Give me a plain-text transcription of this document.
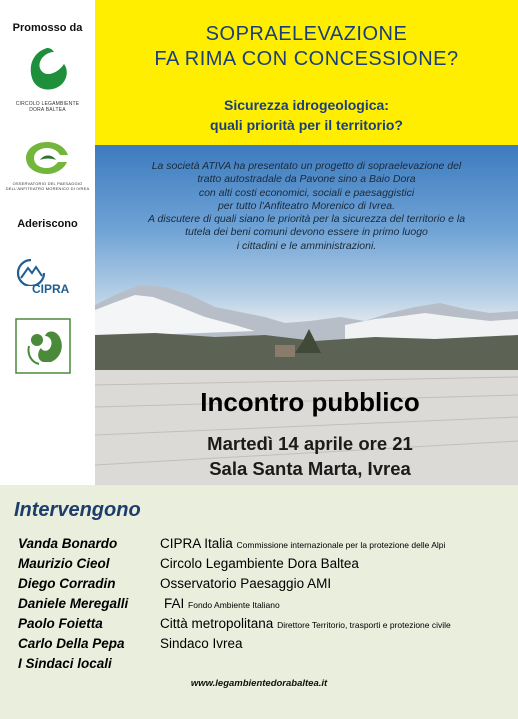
Promosso da
CIRCOLO LEGAMBIENTE
DORA BALTEA
OSSERVATORIO DEL PAESAGGIO
DELL'ANFITEATRO MORENICO DI IVREA
Aderiscono
CIPRA
SOPRAELEVAZIONE
FA RIMA CON CONCESSIONE?
Sicurezza idrogeologica:
quali priorità per il territorio?
La società ATIVA ha presentato un progetto di sopraelevazione del
tratto autostradale da Pavone sino a Baio Dora
con alti costi economici, sociali e paesaggistici
per tutto l'Anfiteatro Morenico di Ivrea.
A discutere di quali siano le priorità per la sicurezza del territorio e la
tutela dei beni comuni devono essere in primo luogo
i cittadini e le amministrazioni.
Incontro pubblico
Martedì 14 aprile ore 21
Sala Santa Marta, Ivrea
Intervengono
Vanda Bonardo	CIPRA Italia Commissione internazionale per la protezione delle Alpi
Maurizio Cieol	Circolo Legambiente Dora Baltea
Diego Corradin	Osservatorio Paesaggio AMI
Daniele Meregalli	FAI Fondo Ambiente Italiano
Paolo Foietta	Città metropolitana Direttore Territorio, trasporti e protezione civile
Carlo Della Pepa	Sindaco Ivrea
I Sindaci locali
www.legambientedorabaltea.it
